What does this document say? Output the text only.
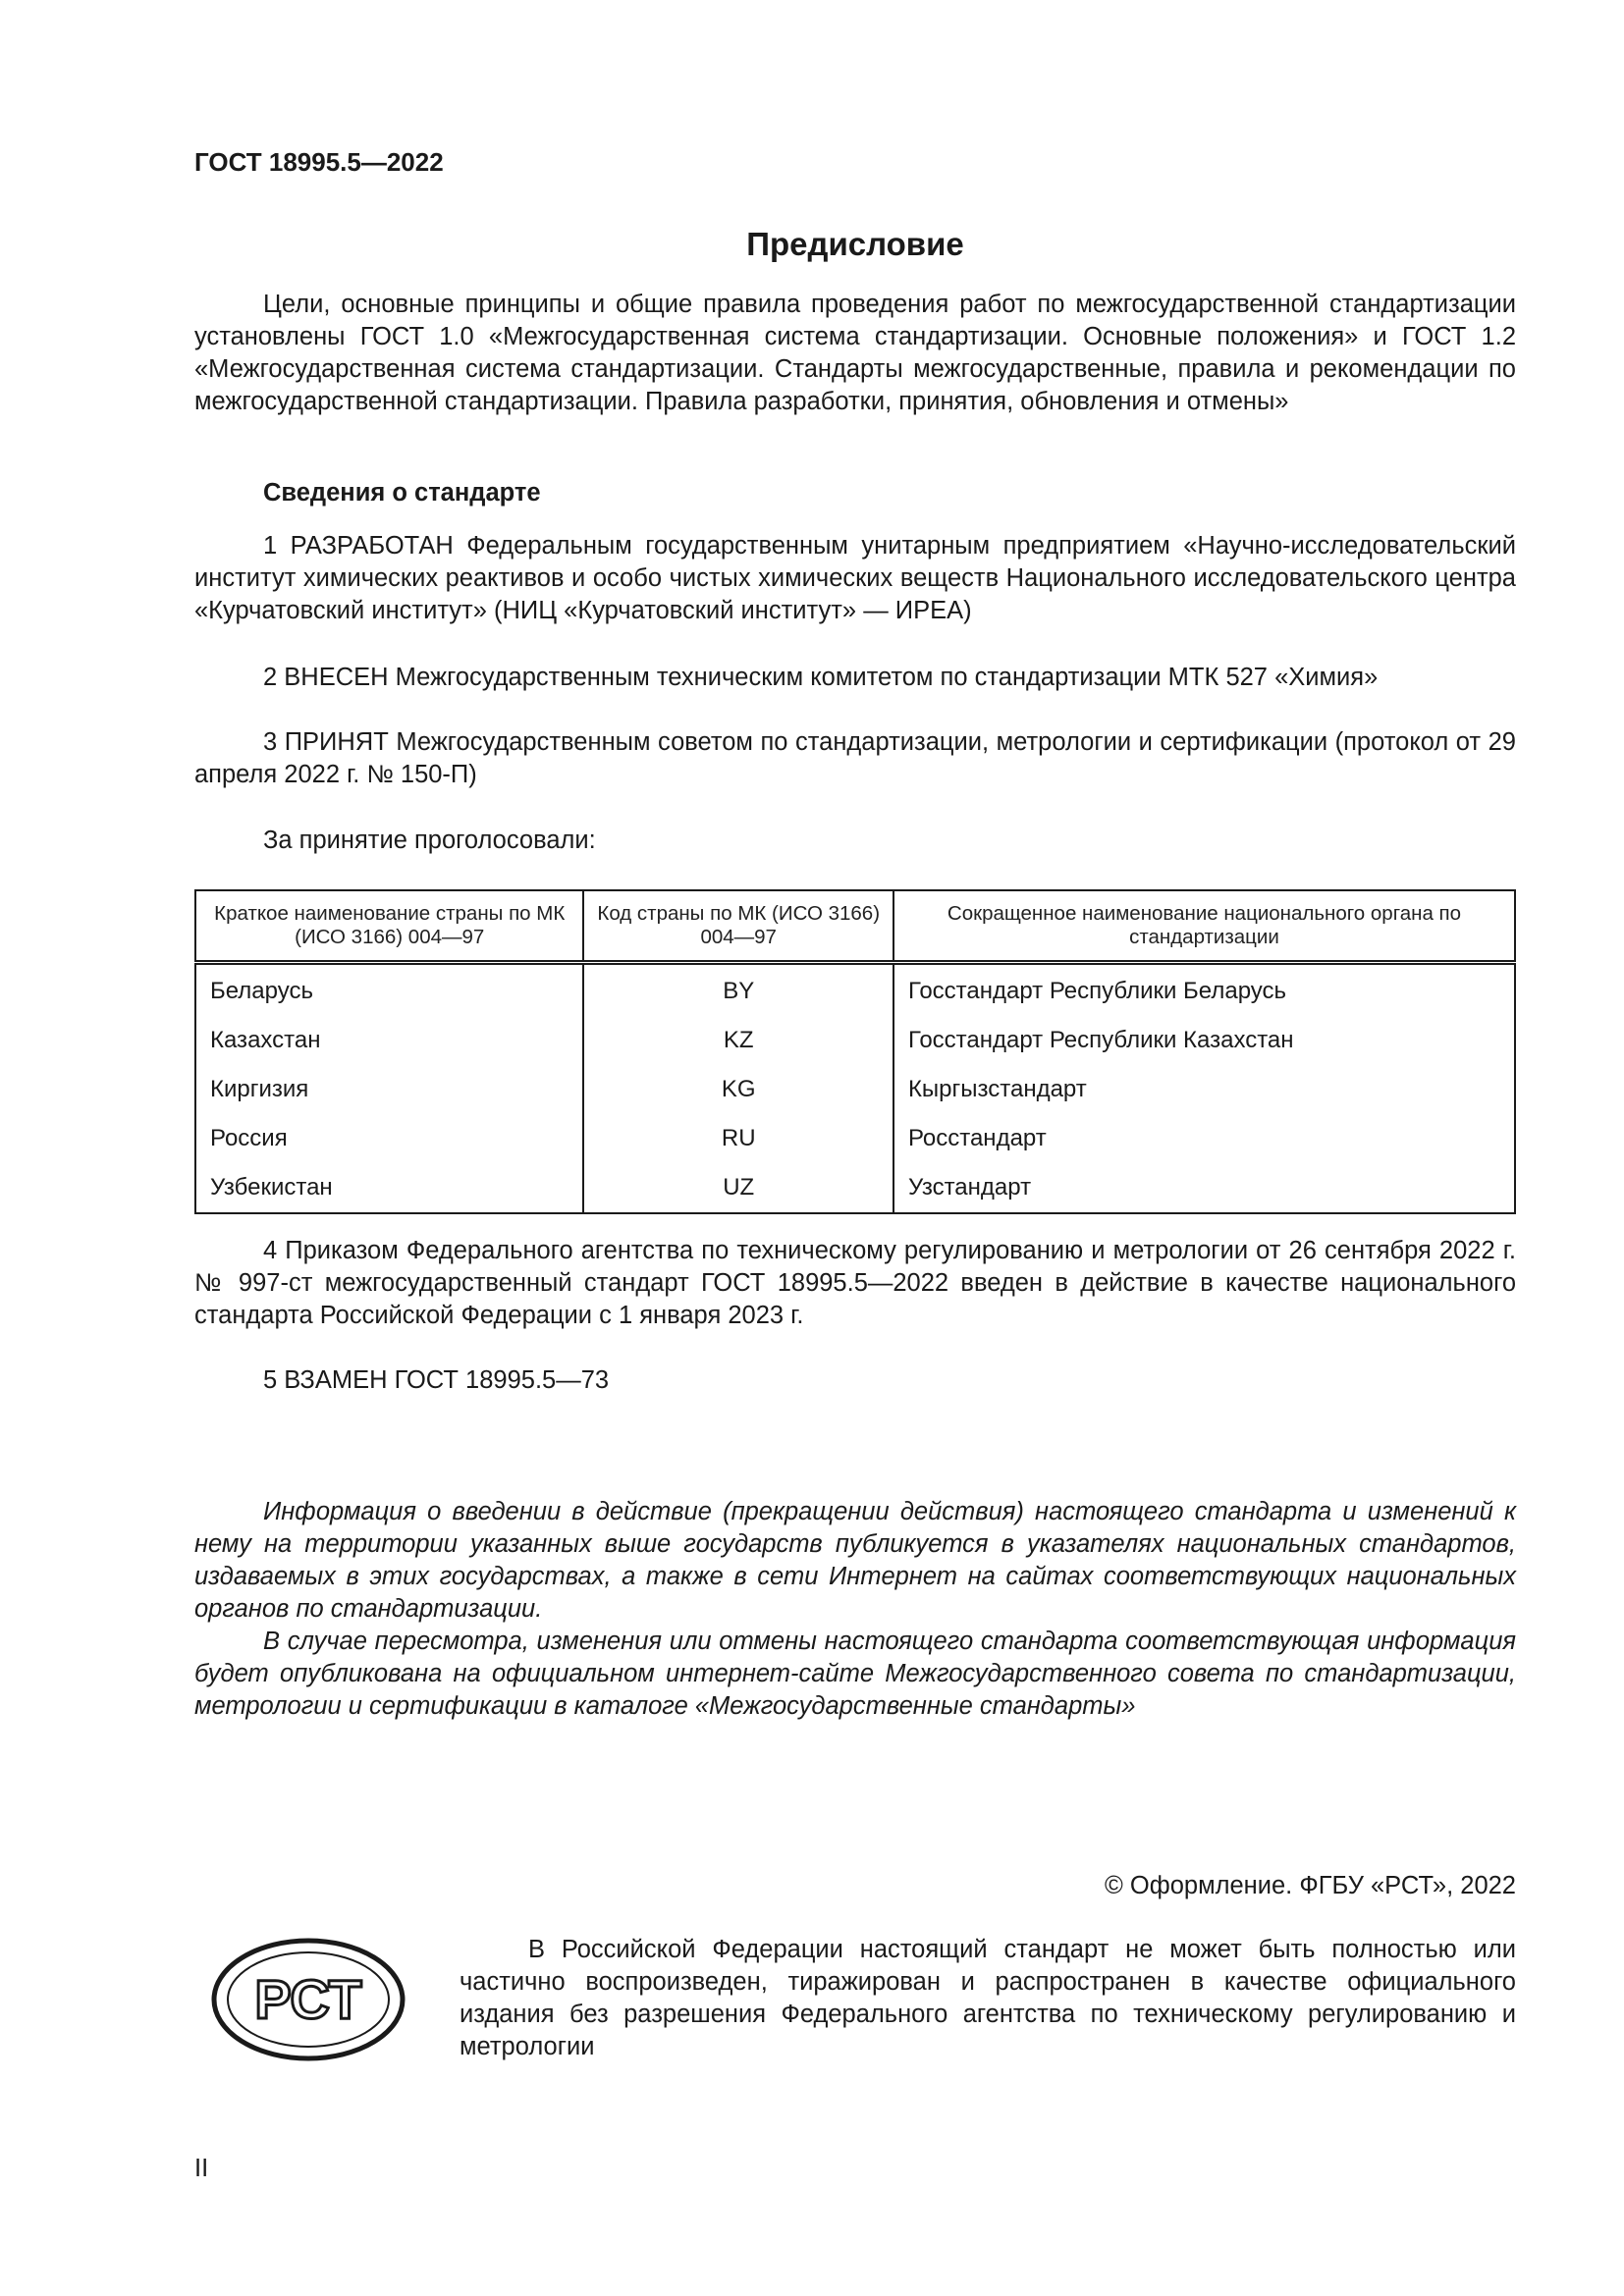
ГОСТ 18995.5—2022
Предисловие

Цели, основные принципы и общие правила проведения работ по межгосударственной стандартизации установлены ГОСТ 1.0 «Межгосударственная система стандартизации. Основные положения» и ГОСТ 1.2 «Межгосударственная система стандартизации. Стандарты межгосударственные, правила и рекомендации по межгосударственной стандартизации. Правила разработки, принятия, обновления и отмены»

Сведения о стандарте

1 РАЗРАБОТАН Федеральным государственным унитарным предприятием «Научно-исследовательский институт химических реактивов и особо чистых химических веществ Национального исследовательского центра «Курчатовский институт» (НИЦ «Курчатовский институт» — ИРЕА)

2 ВНЕСЕН Межгосударственным техническим комитетом по стандартизации МТК 527 «Химия»

3 ПРИНЯТ Межгосударственным советом по стандартизации, метрологии и сертификации (протокол от 29 апреля 2022 г. № 150-П)

За принятие проголосовали:

Краткое наименование страны по МК (ИСО 3166) 004—97	Код страны по МК (ИСО 3166) 004—97	Сокращенное наименование национального органа по стандартизации
Беларусь	BY	Госстандарт Республики Беларусь
Казахстан	KZ	Госстандарт Республики Казахстан
Киргизия	KG	Кыргызстандарт
Россия	RU	Росстандарт
Узбекистан	UZ	Узстандарт

4 Приказом Федерального агентства по техническому регулированию и метрологии от 26 сентября 2022 г. № 997-ст межгосударственный стандарт ГОСТ 18995.5—2022 введен в действие в качестве национального стандарта Российской Федерации с 1 января 2023 г.

5 ВЗАМЕН ГОСТ 18995.5—73

Информация о введении в действие (прекращении действия) настоящего стандарта и изменений к нему на территории указанных выше государств публикуется в указателях национальных стандартов, издаваемых в этих государствах, а также в сети Интернет на сайтах соответствующих национальных органов по стандартизации.

В случае пересмотра, изменения или отмены настоящего стандарта соответствующая информация будет опубликована на официальном интернет-сайте Межгосударственного совета по стандартизации, метрологии и сертификации в каталоге «Межгосударственные стандарты»

© Оформление. ФГБУ «РСТ», 2022
РСТ

В Российской Федерации настоящий стандарт не может быть полностью или частично воспроизведен, тиражирован и распространен в качестве официального издания без разрешения Федерального агентства по техническому регулированию и метрологии

II
